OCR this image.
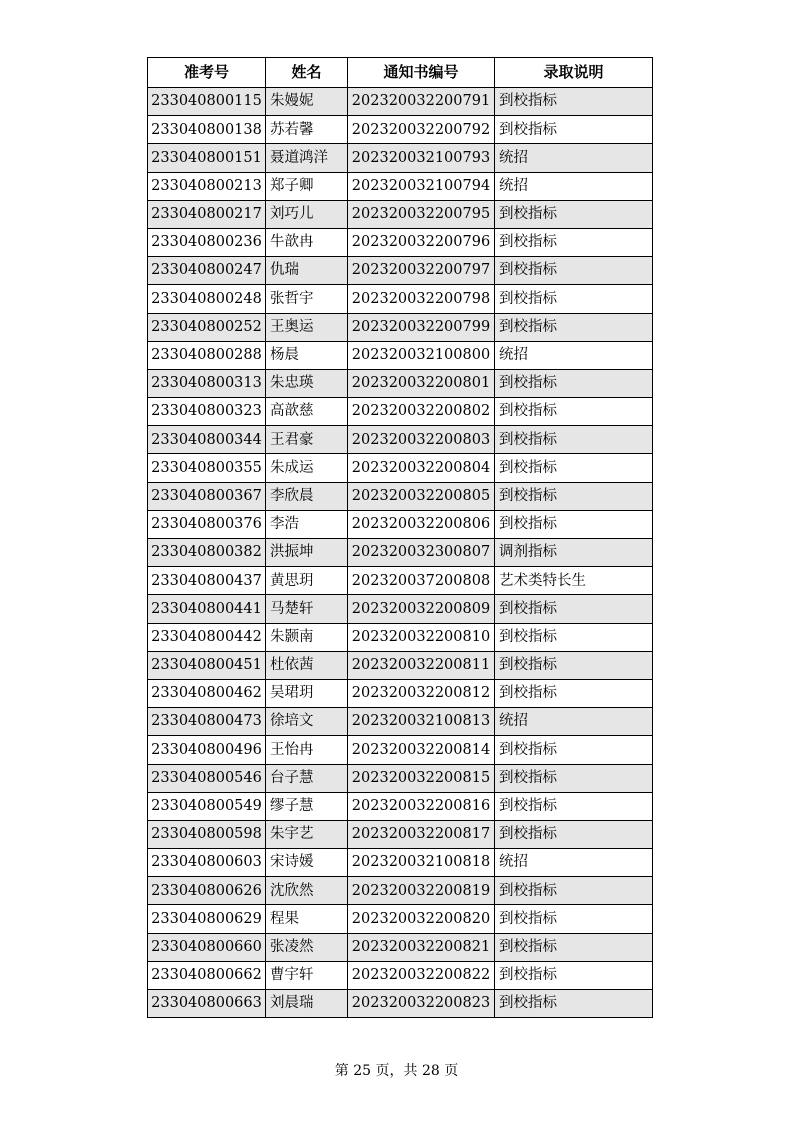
准考号	姓名	通知书编号	录取说明
233040800115	朱嫚妮	202320032200791	到校指标
233040800138	苏若馨	202320032200792	到校指标
233040800151	聂道鸿洋	202320032100793	统招
233040800213	郑子卿	202320032100794	统招
233040800217	刘巧儿	202320032200795	到校指标
233040800236	牛歆冉	202320032200796	到校指标
233040800247	仇瑞	202320032200797	到校指标
233040800248	张哲宇	202320032200798	到校指标
233040800252	王奥运	202320032200799	到校指标
233040800288	杨晨	202320032100800	统招
233040800313	朱忠瑛	202320032200801	到校指标
233040800323	高歆慈	202320032200802	到校指标
233040800344	王君豪	202320032200803	到校指标
233040800355	朱成运	202320032200804	到校指标
233040800367	李欣晨	202320032200805	到校指标
233040800376	李浩	202320032200806	到校指标
233040800382	洪振坤	202320032300807	调剂指标
233040800437	黄思玥	202320037200808	艺术类特长生
233040800441	马楚轩	202320032200809	到校指标
233040800442	朱颢南	202320032200810	到校指标
233040800451	杜依茜	202320032200811	到校指标
233040800462	吴珺玥	202320032200812	到校指标
233040800473	徐培文	202320032100813	统招
233040800496	王怡冉	202320032200814	到校指标
233040800546	台子慧	202320032200815	到校指标
233040800549	缪子慧	202320032200816	到校指标
233040800598	朱宇艺	202320032200817	到校指标
233040800603	宋诗媛	202320032100818	统招
233040800626	沈欣然	202320032200819	到校指标
233040800629	程果	202320032200820	到校指标
233040800660	张凌然	202320032200821	到校指标
233040800662	曹宇轩	202320032200822	到校指标
233040800663	刘晨瑞	202320032200823	到校指标
第 25 页，共 28 页
